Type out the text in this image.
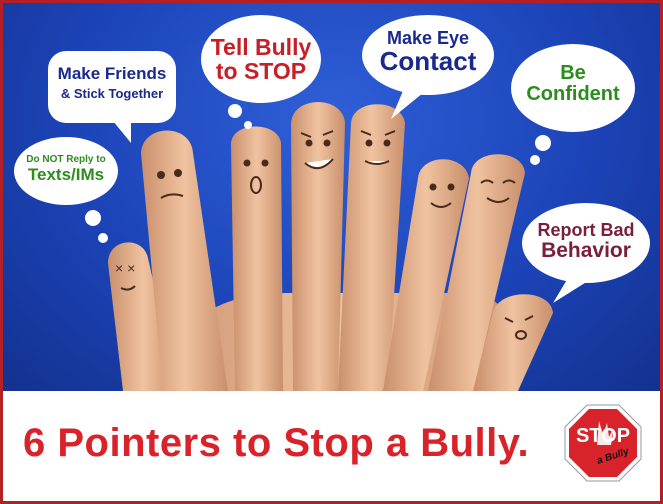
× ×
Do NOT Reply to
Texts/IMs
Make Friends
& Stick Together
Tell Bully
to STOP
Make Eye
Contact	Be
Confident
Report Bad
Behavior
6 Pointers to Stop a Bully.	STOP
a Bully
